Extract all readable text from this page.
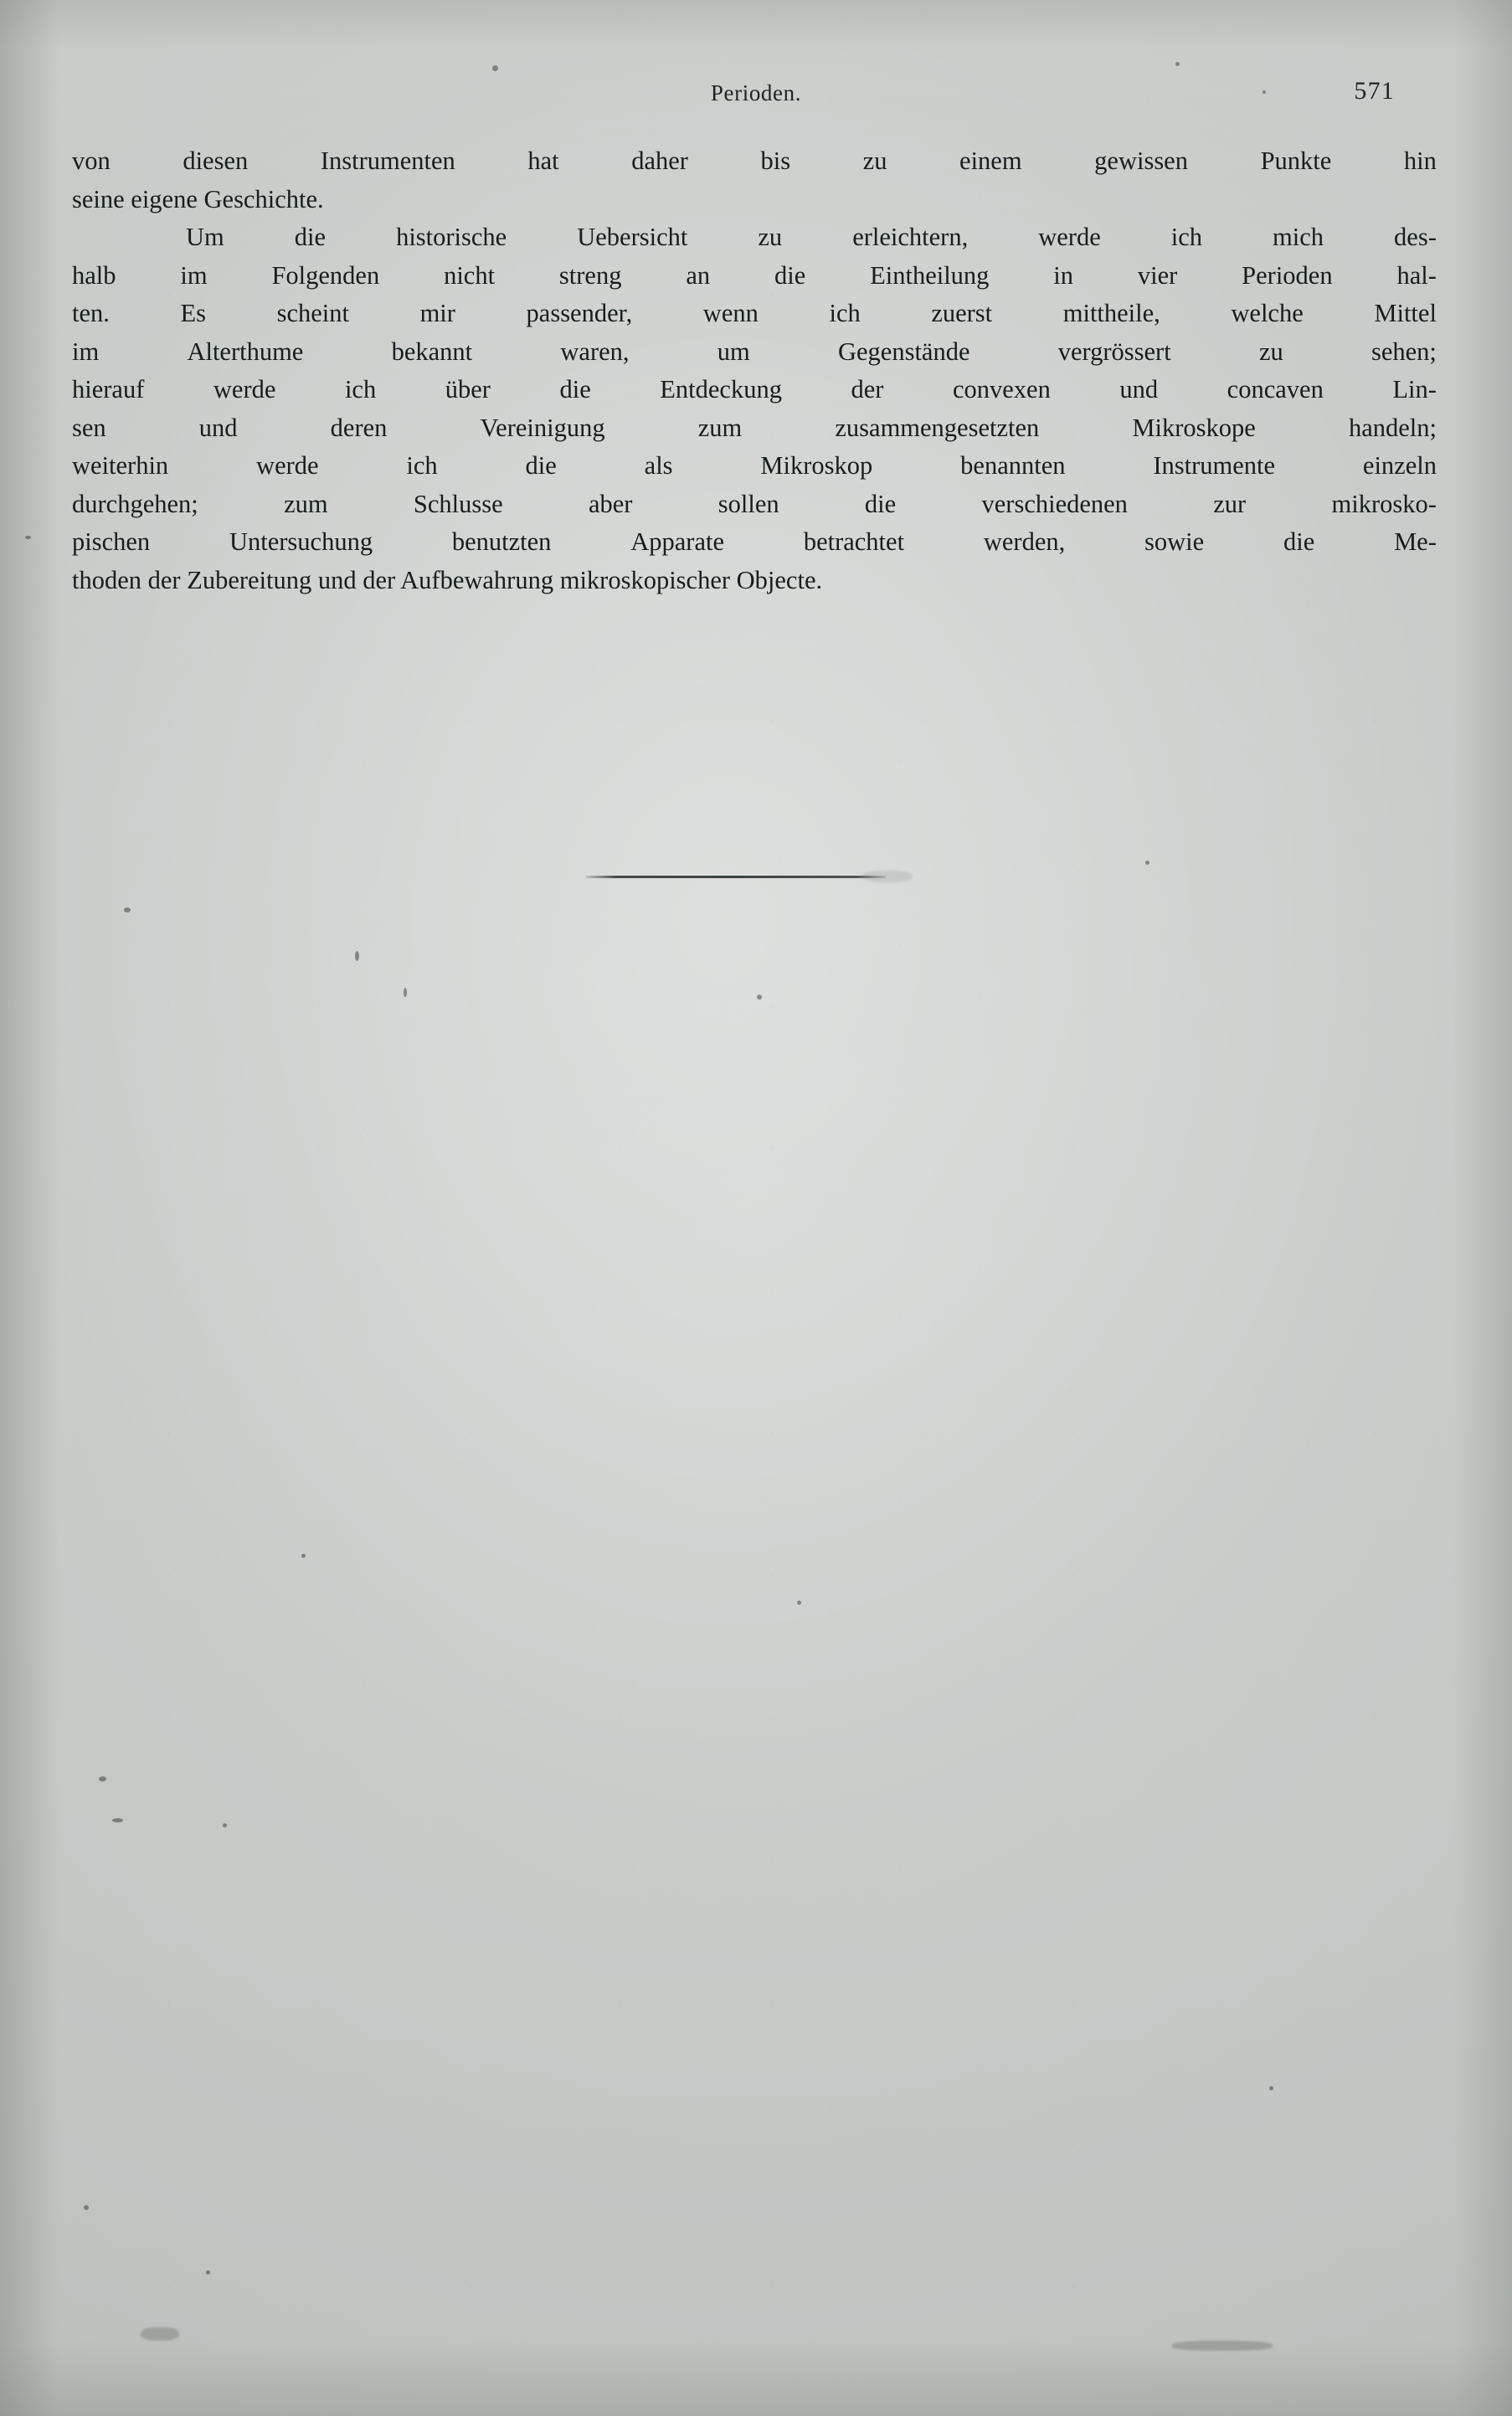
Perioden.	571

von	diesen	Instrumenten	hat	daher	bis	zu	einem	gewissen	Punkte	hin
seine eigene Geschichte.

Um	die	historische	Uebersicht	zu	erleichtern,	werde	ich	mich	des-
halb	im	Folgenden	nicht	streng	an	die	Eintheilung	in	vier	Perioden	hal-
ten.	Es	scheint	mir	passender,	wenn	ich	zuerst	mittheile,	welche	Mittel
im	Alterthume	bekannt	waren,	um	Gegenstände	vergrössert	zu	sehen;
hierauf	werde	ich	über	die	Entdeckung	der	convexen	und	concaven	Lin-
sen	und	deren	Vereinigung	zum	zusammengesetzten	Mikroskope	handeln;
weiterhin	werde	ich	die	als	Mikroskop	benannten	Instrumente	einzeln
durchgehen;	zum	Schlusse	aber	sollen	die	verschiedenen	zur	mikrosko-
pischen	Untersuchung	benutzten	Apparate	betrachtet	werden,	sowie	die	Me-
thoden der Zubereitung und der Aufbewahrung mikroskopischer Objecte.
